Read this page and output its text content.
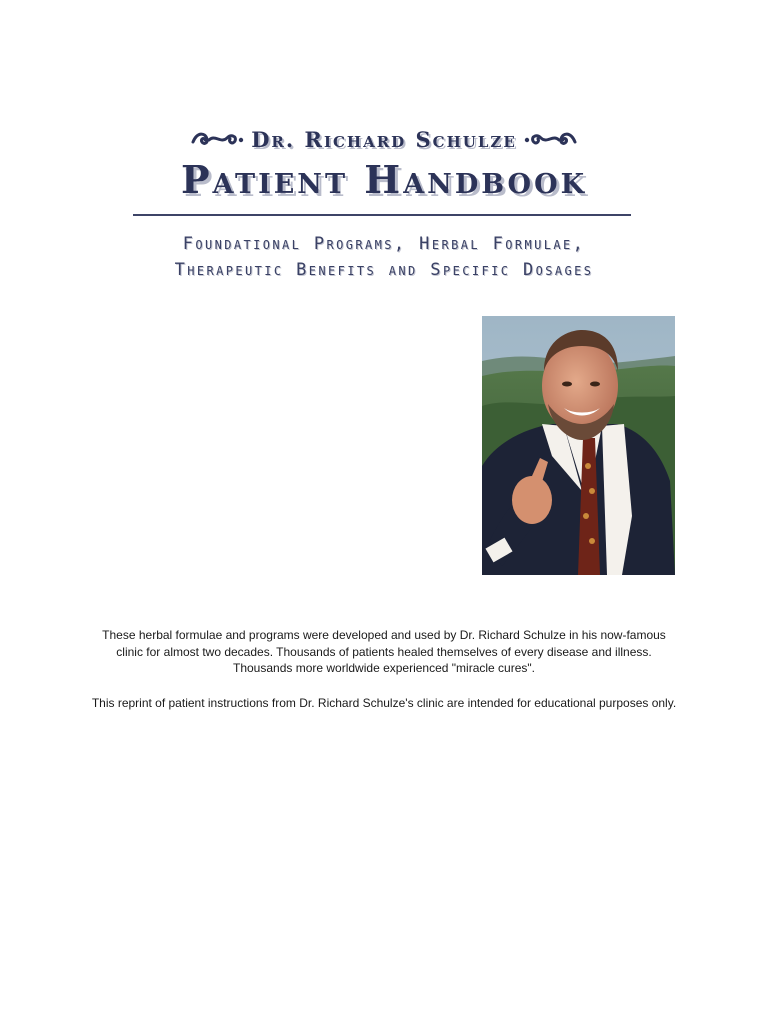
Dr. Richard Schulze
Patient Handbook
Foundational Programs, Herbal Formulae,
Therapeutic Benefits and Specific Dosages
These herbal formulae and programs were developed and used by Dr. Richard Schulze in his now-famous clinic for almost two decades. Thousands of patients healed themselves of every disease and illness. Thousands more worldwide experienced "miracle cures".
This reprint of patient instructions from Dr. Richard Schulze's clinic are intended for educational purposes only.
